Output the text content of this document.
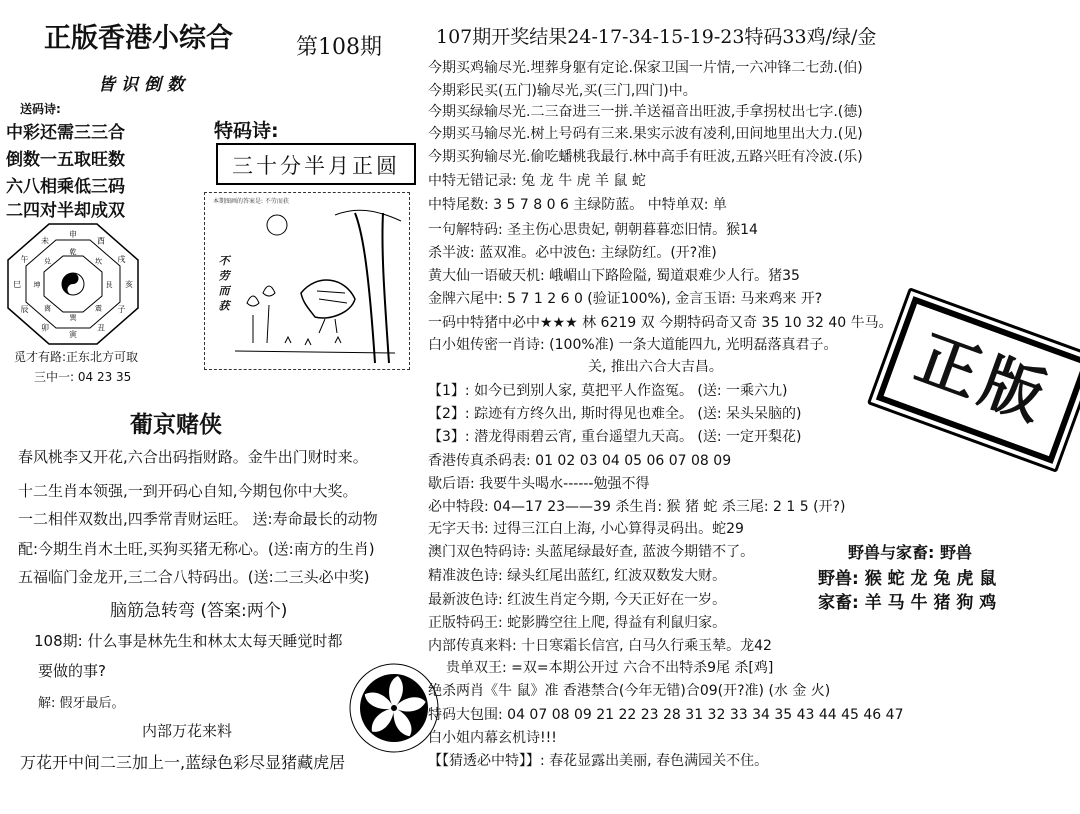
正版香港小综合	第108期	107期开奖结果24-17-34-15-19-23特码33鸡/绿/金
皆识倒数
送码诗:
中彩还需三三合
倒数一五取旺数
六八相乘低三码
二四对半却成双
特码诗:
三十分半月正圆
申
酉
戌
亥
子
丑
寅
卯
辰
巳
午
未
乾
坎
艮
震
巽
离
坤
兑
觅才有路:正东北方可取
三中一: 04 23 35
本期图画的答案是: 不劳而获
不劳而获
葡京赌侠
春风桃李又开花,六合出码指财路。金牛出门财时来。
十二生肖本领强,一到开码心自知,今期包你中大奖。
一二相伴双数出,四季常青财运旺。 送:寿命最长的动物
配:今期生肖木土旺,买狗买猪无称心。(送:南方的生肖)
五福临门金龙开,三二合八特码出。(送:二三头必中奖)
脑筋急转弯 (答案:两个)
108期: 什么事是林先生和林太太每天睡觉时都
要做的事?
解: 假牙最后。
内部万花来料
万花开中间二三加上一,蓝绿色彩尽显猪藏虎居
今期买鸡输尽光.埋葬身躯有定论.保家卫国一片情,一六冲锋二七劲.(伯)
今期彩民买(五门)输尽光,买(三门,四门)中。
今期买绿输尽光.二三奋进三一拼.羊送福音出旺波,手拿拐杖出七字.(德)
今期买马输尽光.树上号码有三来.果实示波有凌利,田间地里出大力.(见)
今期买狗输尽光.偷吃蟠桃我最行.林中高手有旺波,五路兴旺有冷波.(乐)
中特无错记录: 兔 龙 牛 虎 羊 鼠 蛇
中特尾数: 3 5 7 8 0 6 主绿防蓝。 中特单双: 单
一句解特码: 圣主伤心思贵妃, 朝朝暮暮恋旧情。猴14
杀半波: 蓝双准。必中波色: 主绿防红。(开?准)
黄大仙一语破天机: 峨嵋山下路险隘, 蜀道艰难少人行。猪35
金牌六尾中: 5 7 1 2 6 0 (验证100%), 金言玉语: 马来鸡来 开?
一码中特猪中必中★★★ 林 6219 双 今期特码奇又奇 35 10 32 40 牛马。
白小姐传密一肖诗: (100%准) 一条大道能四九, 光明磊落真君子。
关, 推出六合大吉昌。
【1】: 如今已到别人家, 莫把平人作盗冤。 (送: 一乘六九)
【2】: 踪迹有方终久出, 斯时得见也难全。 (送: 呆头呆脑的)
【3】: 潜龙得雨碧云宵, 重台遥望九天高。 (送: 一定开梨花)
香港传真杀码表: 01 02 03 04 05 06 07 08 09
歇后语: 我要牛头喝水------勉强不得
必中特段: 04—17 23——39 杀生肖: 猴 猪 蛇 杀三尾: 2 1 5 (开?)
无字天书: 过得三江白上海, 小心算得灵码出。蛇29
澳门双色特码诗: 头蓝尾绿最好查, 蓝波今期错不了。
精准波色诗: 绿头红尾出蓝红, 红波双数发大财。
最新波色诗: 红波生肖定今期, 今天正好在一岁。
正版特码王: 蛇影腾空往上爬, 得益有利鼠归家。
内部传真来料: 十日寒霜长信宫, 白马久行乘玉辇。龙42
贵单双王: =双=本期公开过 六合不出特杀9尾 杀[鸡]
绝杀两肖《牛 鼠》准 香港禁合(今年无错)合09(开?准) (水 金 火)
特码大包围: 04 07 08 09 21 22 23 28 31 32 33 34 35 43 44 45 46 47
白小姐内幕玄机诗!!!
【【猜透必中特】】: 春花显露出美丽, 春色满园关不住。
野兽与家畜: 野兽
野兽: 猴 蛇 龙 兔 虎 鼠
家畜: 羊 马 牛 猪 狗 鸡
正版
